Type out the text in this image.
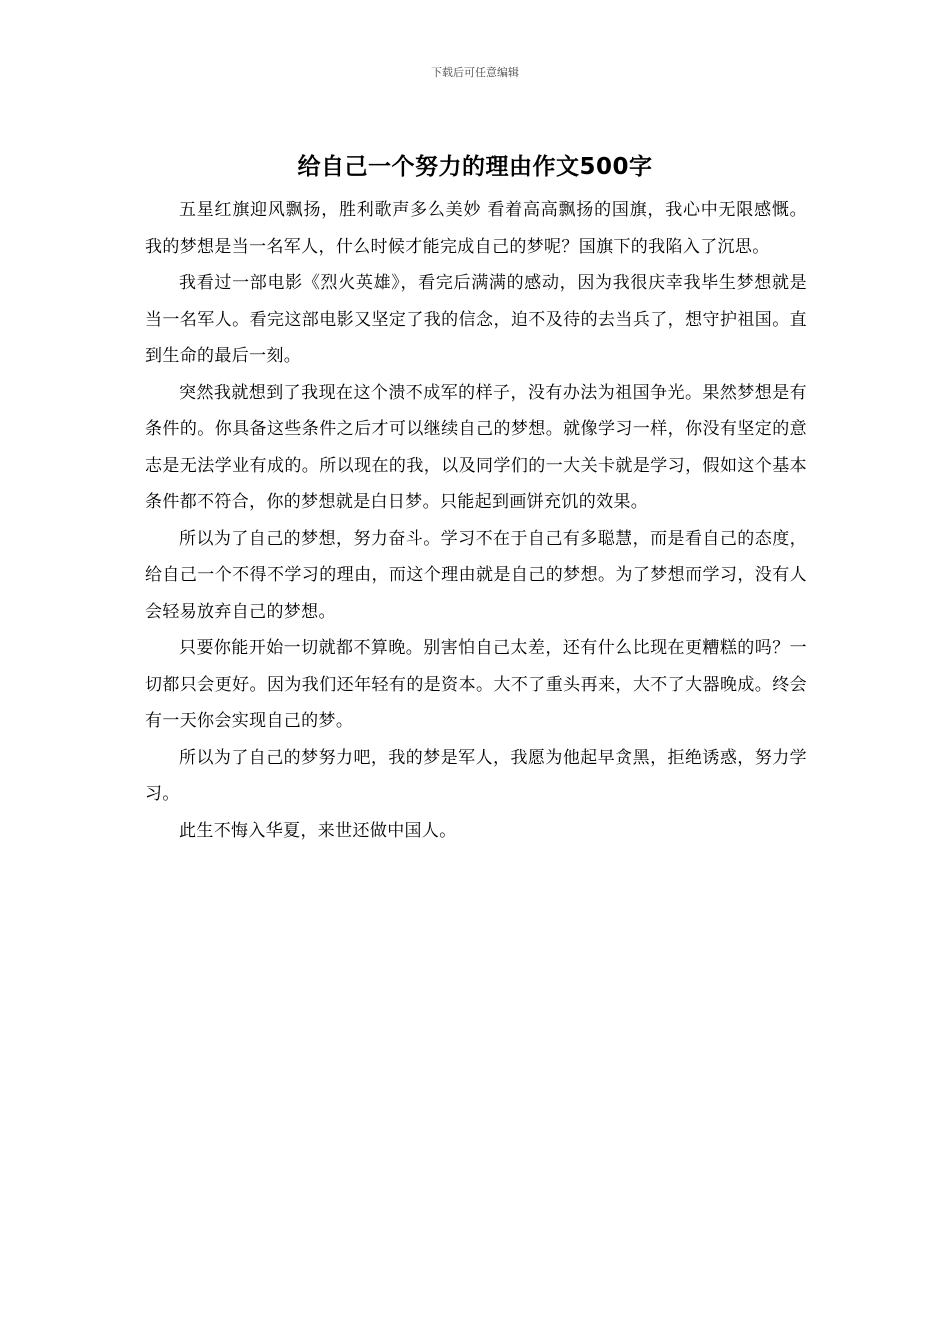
下载后可任意编辑
给自己一个努力的理由作文500字

五星红旗迎风飘扬，胜利歌声多么美妙 看着高高飘扬的国旗，我心中无限感慨。我的梦想是当一名军人，什么时候才能完成自己的梦呢？国旗下的我陷入了沉思。

我看过一部电影《烈火英雄》，看完后满满的感动，因为我很庆幸我毕生梦想就是当一名军人。看完这部电影又坚定了我的信念，迫不及待的去当兵了，想守护祖国。直到生命的最后一刻。

突然我就想到了我现在这个溃不成军的样子，没有办法为祖国争光。果然梦想是有条件的。你具备这些条件之后才可以继续自己的梦想。就像学习一样，你没有坚定的意志是无法学业有成的。所以现在的我，以及同学们的一大关卡就是学习，假如这个基本条件都不符合，你的梦想就是白日梦。只能起到画饼充饥的效果。

所以为了自己的梦想，努力奋斗。学习不在于自己有多聪慧，而是看自己的态度，给自己一个不得不学习的理由，而这个理由就是自己的梦想。为了梦想而学习，没有人会轻易放弃自己的梦想。

只要你能开始一切就都不算晚。别害怕自己太差，还有什么比现在更糟糕的吗？一切都只会更好。因为我们还年轻有的是资本。大不了重头再来，大不了大器晚成。终会有一天你会实现自己的梦。

所以为了自己的梦努力吧，我的梦是军人，我愿为他起早贪黑，拒绝诱惑，努力学习。

此生不悔入华夏，来世还做中国人。
